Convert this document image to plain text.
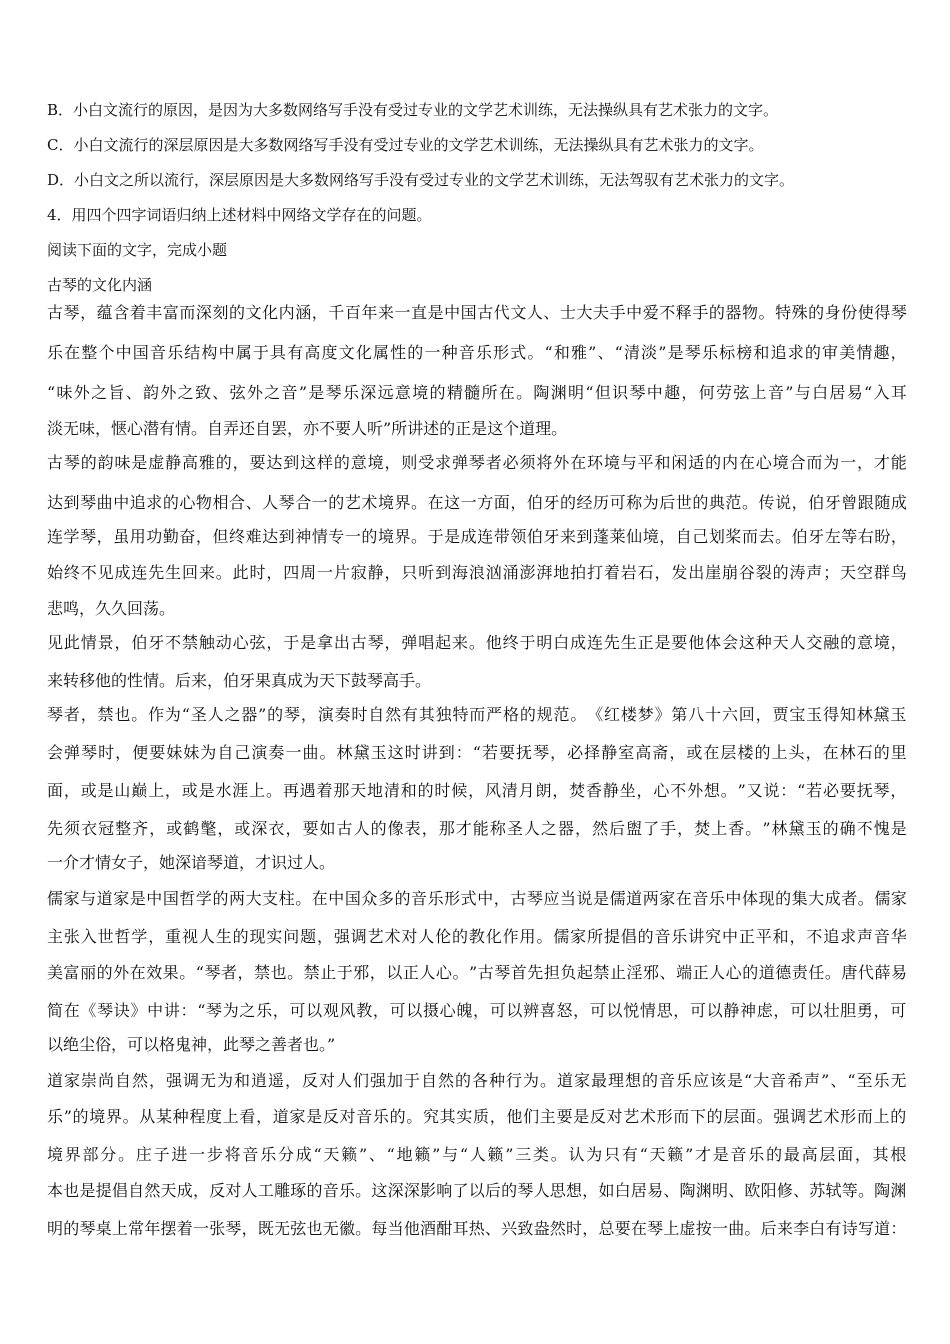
B．小白文流行的原因，是因为大多数网络写手没有受过专业的文学艺术训练，无法操纵具有艺术张力的文字。
C．小白文流行的深层原因是大多数网络写手没有受过专业的文学艺术训练，无法操纵具有艺术张力的文字。
D．小白文之所以流行，深层原因是大多数网络写手没有受过专业的文学艺术训练，无法驾驭有艺术张力的文字。
4．用四个四字词语归纳上述材料中网络文学存在的问题。
阅读下面的文字，完成小题
古琴的文化内涵
古 琴 ， 蕴 含 着 丰 富 而 深 刻 的 文 化 内 涵 ， 千 百 年 来 一 直 是 中 国 古 代 文 人 、 士 大 夫 手 中 爱 不 释 手 的 器 物 。 特 殊 的 身 份 使 得 琴
乐 在 整 个 中 国 音 乐 结 构 中 属 于 具 有 高 度 文 化 属 性 的 一 种 音 乐 形 式 。 “ 和 雅 ” 、 “ 清 淡 ” 是 琴 乐 标 榜 和 追 求 的 审 美 情 趣 ，
“ 味 外 之 旨 、 韵 外 之 致 、 弦 外 之 音 ” 是 琴 乐 深 远 意 境 的 精 髓 所 在 。 陶 渊 明 “ 但 识 琴 中 趣 ， 何 劳 弦 上 音 ” 与 白 居 易 “ 入 耳
淡无味，惬心潜有情。自弄还自罢，亦不要人听”所讲述的正是这个道理。
古 琴 的 韵 味 是 虚 静 高 雅 的 ， 要 达 到 这 样 的 意 境 ， 则 受 求 弹 琴 者 必 须 将 外 在 环 境 与 平 和 闲 适 的 内 在 心 境 合 而 为 一 ， 才 能
达 到 琴 曲 中 追 求 的 心 物 相 合 、 人 琴 合 一 的 艺 术 境 界 。 在 这 一 方 面 ， 伯 牙 的 经 历 可 称 为 后 世 的 典 范 。 传 说 ， 伯 牙 曾 跟 随 成
连 学 琴 ， 虽 用 功 勤 奋 ， 但 终 难 达 到 神 情 专 一 的 境 界 。 于 是 成 连 带 领 伯 牙 来 到 蓬 莱 仙 境 ， 自 己 划 桨 而 去 。 伯 牙 左 等 右 盼 ，
始 终 不 见 成 连 先 生 回 来 。 此 时 ， 四 周 一 片 寂 静 ， 只 听 到 海 浪 汹 涌 澎 湃 地 拍 打 着 岩 石 ， 发 出 崖 崩 谷 裂 的 涛 声 ； 天 空 群 鸟
悲鸣，久久回荡。
见 此 情 景 ， 伯 牙 不 禁 触 动 心 弦 ， 于 是 拿 出 古 琴 ， 弹 唱 起 来 。 他 终 于 明 白 成 连 先 生 正 是 要 他 体 会 这 种 天 人 交 融 的 意 境 ，
来转移他的性情。后来，伯牙果真成为天下鼓琴高手。
琴 者 ， 禁 也 。 作 为 “ 圣 人 之 器 ” 的 琴 ， 演 奏 时 自 然 有 其 独 特 而 严 格 的 规 范 。 《 红 楼 梦 》 第 八 十 六 回 ， 贾 宝 玉 得 知 林 黛 玉
会 弹 琴 时 ， 便 要 妹 妹 为 自 己 演 奏 一 曲 。 林 黛 玉 这 时 讲 到 ： “ 若 要 抚 琴 ， 必 择 静 室 高 斋 ， 或 在 层 楼 的 上 头 ， 在 林 石 的 里
面 ， 或 是 山 巅 上 ， 或 是 水 涯 上 。 再 遇 着 那 天 地 清 和 的 时 候 ， 风 清 月 朗 ， 焚 香 静 坐 ， 心 不 外 想 。 ” 又 说 ： “ 若 必 要 抚 琴 ，
先 须 衣 冠 整 齐 ， 或 鹤 氅 ， 或 深 衣 ， 要 如 古 人 的 像 表 ， 那 才 能 称 圣 人 之 器 ， 然 后 盥 了 手 ， 焚 上 香 。 ” 林 黛 玉 的 确 不 愧 是
一介才情女子，她深谙琴道，才识过人。
儒 家 与 道 家 是 中 国 哲 学 的 两 大 支 柱 。 在 中 国 众 多 的 音 乐 形 式 中 ， 古 琴 应 当 说 是 儒 道 两 家 在 音 乐 中 体 现 的 集 大 成 者 。 儒 家
主 张 入 世 哲 学 ， 重 视 人 生 的 现 实 问 题 ， 强 调 艺 术 对 人 伦 的 教 化 作 用 。 儒 家 所 提 倡 的 音 乐 讲 究 中 正 平 和 ， 不 追 求 声 音 华
美 富 丽 的 外 在 效 果 。 “ 琴 者 ， 禁 也 。 禁 止 于 邪 ， 以 正 人 心 。 ” 古 琴 首 先 担 负 起 禁 止 淫 邪 、 端 正 人 心 的 道 德 责 任 。 唐 代 薛 易
简 在 《 琴 诀 》 中 讲 ： “ 琴 为 之 乐 ， 可 以 观 风 教 ， 可 以 摄 心 魄 ， 可 以 辨 喜 怒 ， 可 以 悦 情 思 ， 可 以 静 神 虑 ， 可 以 壮 胆 勇 ， 可
以绝尘俗，可以格鬼神，此琴之善者也。”
道 家 崇 尚 自 然 ， 强 调 无 为 和 逍 遥 ， 反 对 人 们 强 加 于 自 然 的 各 种 行 为 。 道 家 最 理 想 的 音 乐 应 该 是 “ 大 音 希 声 ” 、 “ 至 乐 无
乐 ” 的 境 界 。 从 某 种 程 度 上 看 ， 道 家 是 反 对 音 乐 的 。 究 其 实 质 ， 他 们 主 要 是 反 对 艺 术 形 而 下 的 层 面 。 强 调 艺 术 形 而 上 的
境 界 部 分 。 庄 子 进 一 步 将 音 乐 分 成 “ 天 籁 ” 、 “ 地 籁 ” 与 “ 人 籁 ” 三 类 。 认 为 只 有 “ 天 籁 ” 才 是 音 乐 的 最 高 层 面 ， 其 根
本 也 是 提 倡 自 然 天 成 ， 反 对 人 工 雕 琢 的 音 乐 。 这 深 深 影 响 了 以 后 的 琴 人 思 想 ， 如 白 居 易 、 陶 渊 明 、 欧 阳 修 、 苏 轼 等 。 陶 渊
明 的 琴 桌 上 常 年 摆 着 一 张 琴 ， 既 无 弦 也 无 徽 。 每 当 他 酒 酣 耳 热 、 兴 致 盎 然 时 ， 总 要 在 琴 上 虚 按 一 曲 。 后 来 李 白 有 诗 写 道 ：
